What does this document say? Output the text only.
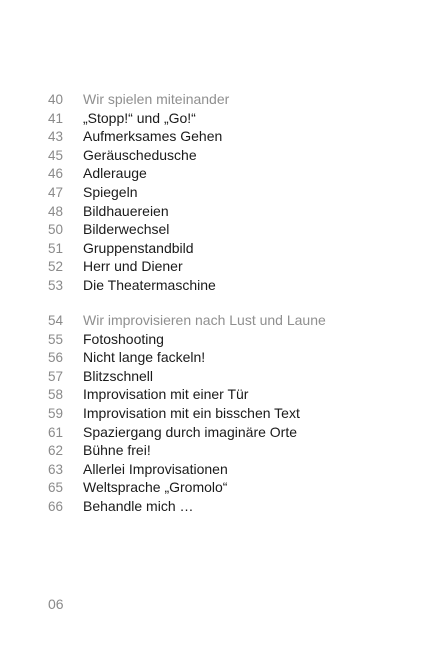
40	Wir spielen miteinander
41	„Stopp!“ und „Go!“
43	Aufmerksames Gehen
45	Geräuschedusche
46	Adlerauge
47	Spiegeln
48	Bildhauereien
50	Bilderwechsel
51	Gruppenstandbild
52	Herr und Diener
53	Die Theatermaschine
54	Wir improvisieren nach Lust und Laune
55	Fotoshooting
56	Nicht lange fackeln!
57	Blitzschnell
58	Improvisation mit einer Tür
59	Improvisation mit ein bisschen Text
61	Spaziergang durch imaginäre Orte
62	Bühne frei!
63	Allerlei Improvisationen
65	Weltsprache „Gromolo“
66	Behandle mich …
06
